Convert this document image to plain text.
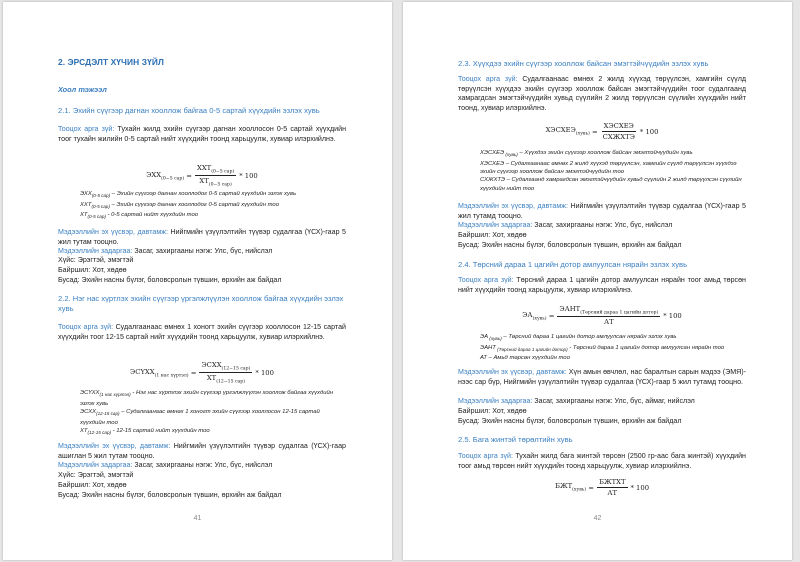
2. ЭРСДЭЛТ ХҮЧИН ЗҮЙЛ
Хоол тэжээл
2.1. Эхийн сүүгээр дагнан хооллож байгаа 0-5 сартай хүүхдийн эзлэх хувь
Тооцох арга зүй: Тухайн жилд эхийн сүүгээр дагнан хооллосон 0-5 сартай хүүхдийн тоог тухайн жилийн 0-5 сартай нийт хүүхдийн тоонд харьцуулж, хувиар илэрхийлнэ.
$ЭХХ_{(0-5 сар)} = \frac{ХХТ_{(0-5 сар)}}{ХТ_{(0-5 сар)}} * 100$
$ЭХХ_{(0-5 сар)}$ – Эхийн сүүгээр дагнан хооллодог 0-5 сартай хүүхдийн эзлэх хувь
$ХХТ_{(0-5 сар)}$ – Эхийн сүүгээр дагнан хооллодог 0-5 сартай хүүхдийн тоо
$ХТ_{(0-5 сар)} - 0-5$ сартай нийт хүүхдийн тоо
Мэдээллийн эх үүсвэр, давтамж: Нийгмийн үзүүлэлтийн түүвэр судалгаа (ҮСХ)-гаар 5 жил тутам тооцно.
Мэдээллийн задаргаа: Засаг, захиргааны нэгж: Улс, бүс, нийслэл
Хүйс: Эрэгтэй, эмэгтэй
Байршил: Хот, хөдөө
Бусад: Эхийн насны бүлэг, боловсролын түвшин, өрхийн аж байдал
2.2. Нэг нас хүртлэх эхийн сүүгээр үргэлжлүүлэн хооллож байгаа хүүхдийн эзлэх хувь
Тооцох арга зүй: Судалгаанаас өмнөх 1 хоногт эхийн сүүгээр хооллосон 12-15 сартай хүүхдийн тоог 12-15 сартай нийт хүүхдийн тоонд харьцуулж, хувиар илэрхийлнэ.
$ЭСҮХХ_{(1 нас хүртэл)} = \frac{ЭСХХ_{(12-15 сар)}}{ХТ_{(12-15 сар)}} * 100$
$ЭСҮХХ_{(1 нас хүртэл)}$ - Нэг нас хүртлэх эхийн сүүгээр үргэлжлүүлэн хооллож байгаа хүүхдийн эзлэх хувь
$ЭСХХ_{(12-15 сар)}$ – Судалгаанаас өмнөх 1 хоногт эхийн сүүгээр хооллосон 12-15 сартай хүүхдийн тоо
$ХТ_{(12-15 сар)} - 12-15$ сартай нийт хүүхдийн тоо
Мэдээллийн эх үүсвэр, давтамж: Нийгмийн үзүүлэлтийн түүвэр судалгаа (ҮСХ)-гаар ашиглан 5 жил тутам тооцно.
Мэдээллийн задаргаа: Засаг, захиргааны нэгж: Улс, бүс, нийслэл
Хүйс: Эрэгтэй, эмэгтэй
Байршил: Хот, хөдөө
Бусад: Эхийн насны бүлэг, боловсролын түвшин, өрхийн аж байдал
41
2.3. Хүүхдээ эхийн сүүгээр хооллож байсан эмэгтэйчүүдийн эзлэх хувь
Тооцох арга зүй: Судалгаанаас өмнөх 2 жилд хүүхэд төрүүлсэн, хамгийн сүүлд төрүүлсэн хүүхдээ эхийн сүүгээр хооллож байсан эмэгтэйчүүдийн тоог судалгаанд хамрагдсан эмэгтэйчүүдийн хувьд сүүлийн 2 жилд төрүүлсэн сүүлийн хүүхдийн нийт тоонд, хувиар илэрхийлнэ.
$ХЭСХЕЭ_{(хувь)} = \frac{\text{ХЭСХЕЭ}}{\text{СХЖХТЭ}} * 100$
ХЭСХЕЭ $_{(хувь)}$ – Хүүхдээ эхийн сүүгээр хооллож байсан эмэгтэйчүүдийн хувь
ХЭСХЕЭ – Судалгаанаас өмнөх 2 жилд хүүхэд төрүүлсэн, хамгийн сүүлд төрүүлсэн хүүхдээ эхийн сүүгээр хооллож байсан эмэгтэйчүүдийн тоо
СХЖХТЭ – Судалгаанд хамрагдсан эмэгтэйчүүдийн хувьд сүүлийн 2 жилд төрүүлсэн сүүлийн хүүхдийн нийт тоо
Мэдээллийн эх үүсвэр, давтамж: Нийгмийн үзүүлэлтийн түүвэр судалгаа (ҮСХ)-гаар 5 жил тутамд тооцно.
Мэдээллийн задаргаа: Засаг, захиргааны нэгж: Улс, бүс, нийслэл
Байршил: Хот, хөдөө
Бусад: Эхийн насны бүлэг, боловсролын түвшин, өрхийн аж байдал
2.4. Төрсний дараа 1 цагийн дотор амлуулсан нярайн эзлэх хувь
Тооцох арга зүй: Төрсний дараа 1 цагийн дотор амлуулсан нярайн тоог амьд төрсөн нийт хүүхдийн тоонд харьцуулж, хувиар илэрхийлнэ.
$ЭА_{(хувь)} = \frac{ЭАНТ_{(Төрсний дараа 1 цагийн дотор)}}{АТ} * 100$
ЭА $_{(хувь)}$ – Төрсний дараа 1 цагийн дотор амлуулсан нярайн эзлэх хувь
ЭАНТ $_{(Төрсний дараа 1 цагийн дотор)}$ - Төрсний дараа 1 цагийн дотор амлуулсан нярайн тоо
АТ – Амьд төрсөн хүүхдийн тоо
Мэдээллийн эх үүсвэр, давтамж: Хүн амын өвчлөл, нас баралтын сарын мэдээ (ЭМЯ)-нээс сар бүр, Нийгмийн үзүүлэлтийн түүвэр судалгаа (ҮСХ)-гаар 5 жил тутамд тооцно.
Мэдээллийн задаргаа: Засаг, захиргааны нэгж: Улс, бүс, аймаг, нийслэл
Байршил: Хот, хөдөө
Бусад: Эхийн насны бүлэг, боловсролын түвшин, өрхийн аж байдал
2.5. Бага жинтэй төрөлтийн хувь
Тооцох арга зүй: Тухайн жилд бага жинтэй төрсөн (2500 гр-аас бага жинтэй) хүүхдийн тоог амьд төрсөн нийт хүүхдийн тоонд харьцуулж, хувиар илэрхийлнэ.
$БЖТ_{(хувь)} = \frac{\text{БЖТХТ}}{АТ} * 100$
42
